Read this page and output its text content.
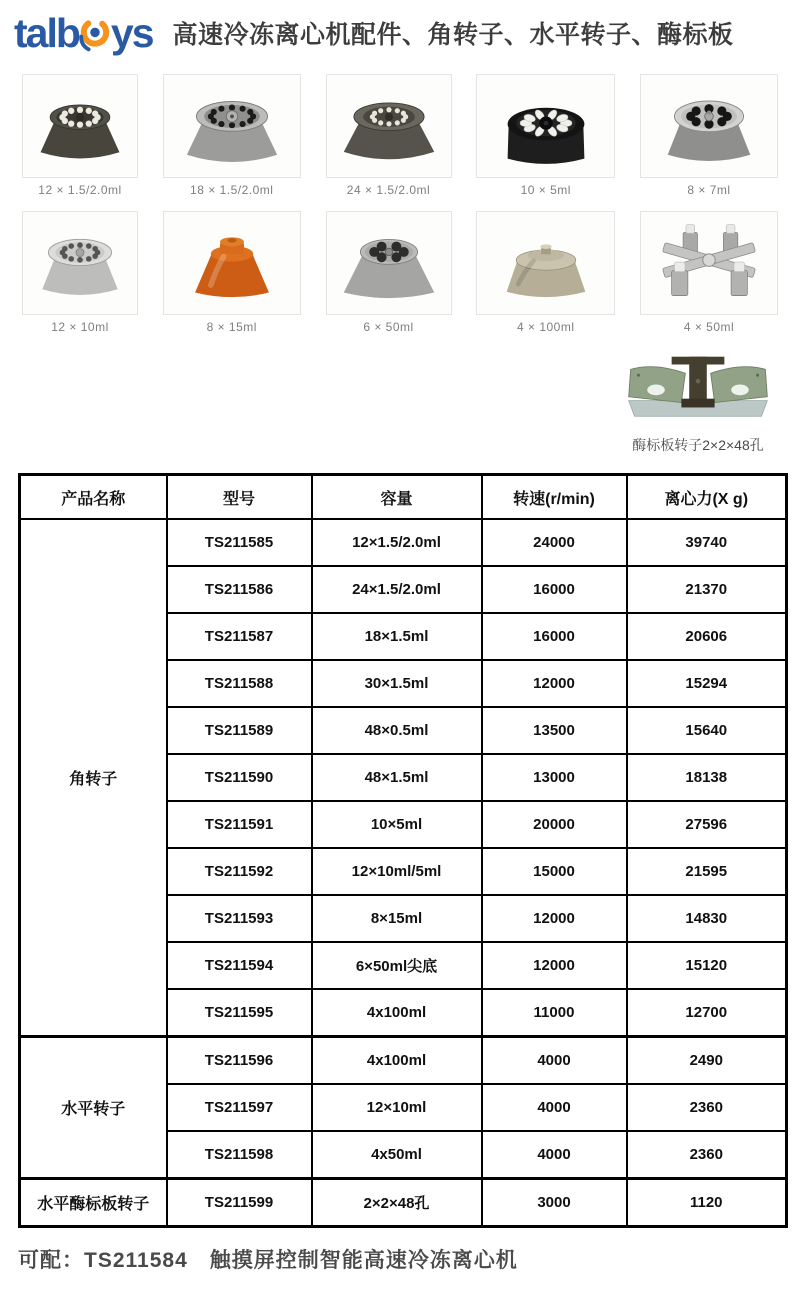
talb ys 高速冷冻离心机配件、角转子、水平转子、酶标板
12 × 1.5/2.0ml	18 × 1.5/2.0ml	24 × 1.5/2.0ml	10 × 5ml	8 × 7ml
12 × 10ml	8 × 15ml	6 × 50ml	4 × 100ml	4 × 50ml
酶标板转子2×2×48孔
产品名称	型号	容量	转速(r/min)	离心力(X g)
角转子	TS211585	12×1.5/2.0ml	24000	39740
	TS211586	24×1.5/2.0ml	16000	21370
	TS211587	18×1.5ml	16000	20606
	TS211588	30×1.5ml	12000	15294
	TS211589	48×0.5ml	13500	15640
	TS211590	48×1.5ml	13000	18138
	TS211591	10×5ml	20000	27596
	TS211592	12×10ml/5ml	15000	21595
	TS211593	8×15ml	12000	14830
	TS211594	6×50ml尖底	12000	15120
	TS211595	4x100ml	11000	12700
水平转子	TS211596	4x100ml	4000	2490
	TS211597	12×10ml	4000	2360
	TS211598	4x50ml	4000	2360
水平酶标板转子	TS211599	2×2×48孔	3000	1120

可配：TS211584　触摸屏控制智能高速冷冻离心机
